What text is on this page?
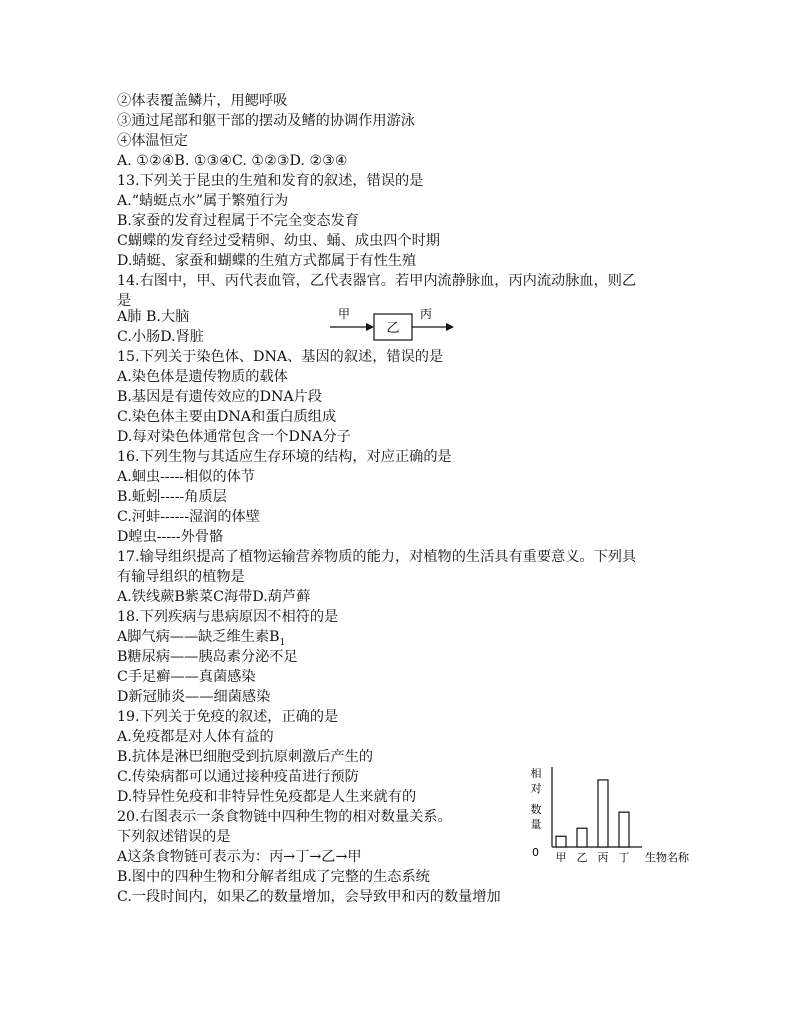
②体表覆盖鳞片，用鳃呼吸
③通过尾部和躯干部的摆动及鳍的协调作用游泳
④体温恒定
A. ①②④B. ①③④C. ①②③D. ②③④
13.下列关于昆虫的生殖和发育的叙述，错误的是
A.“蜻蜓点水”属于繁殖行为
B.家蚕的发育过程属于不完全变态发育
C蝴蝶的发育经过受精卵、幼虫、蛹、成虫四个时期
D.蜻蜓、家蚕和蝴蝶的生殖方式都属于有性生殖
14.右图中，甲、丙代表血管，乙代表器官。若甲内流静脉血，丙内流动脉血，则乙
是
A肺 B.大脑
C.小肠D.肾脏
15.下列关于染色体、DNA、基因的叙述，错误的是
A.染色体是遗传物质的载体
B.基因是有遗传效应的DNA片段
C.染色体主要由DNA和蛋白质组成
D.每对染色体通常包含一个DNA分子
16.下列生物与其适应生存环境的结构，对应正确的是
A.蛔虫-----相似的体节
B.蚯蚓-----角质层
C.河蚌------湿润的体壁
D蝗虫-----外骨骼
17.输导组织提高了植物运输营养物质的能力，对植物的生活具有重要意义。下列具
有输导组织的植物是
A.铁线蕨B紫菜C海带D.葫芦藓
18.下列疾病与患病原因不相符的是
A脚气病——缺乏维生素$B_1$
B糖尿病——胰岛素分泌不足
C手足癣——真菌感染
D新冠肺炎——细菌感染
19.下列关于免疫的叙述，正确的是
A.免疫都是对人体有益的
B.抗体是淋巴细胞受到抗原刺激后产生的
C.传染病都可以通过接种疫苗进行预防
D.特异性免疫和非特异性免疫都是人生来就有的
20.右图表示一条食物链中四种生物的相对数量关系。
下列叙述错误的是
A这条食物链可表示为：丙→丁→乙→甲
B.图中的四种生物和分解者组成了完整的生态系统
C.一段时间内，如果乙的数量增加，会导致甲和丙的数量增加
甲
乙
丙
相
对
数
量
0 甲 乙 丙 丁 生物名称
